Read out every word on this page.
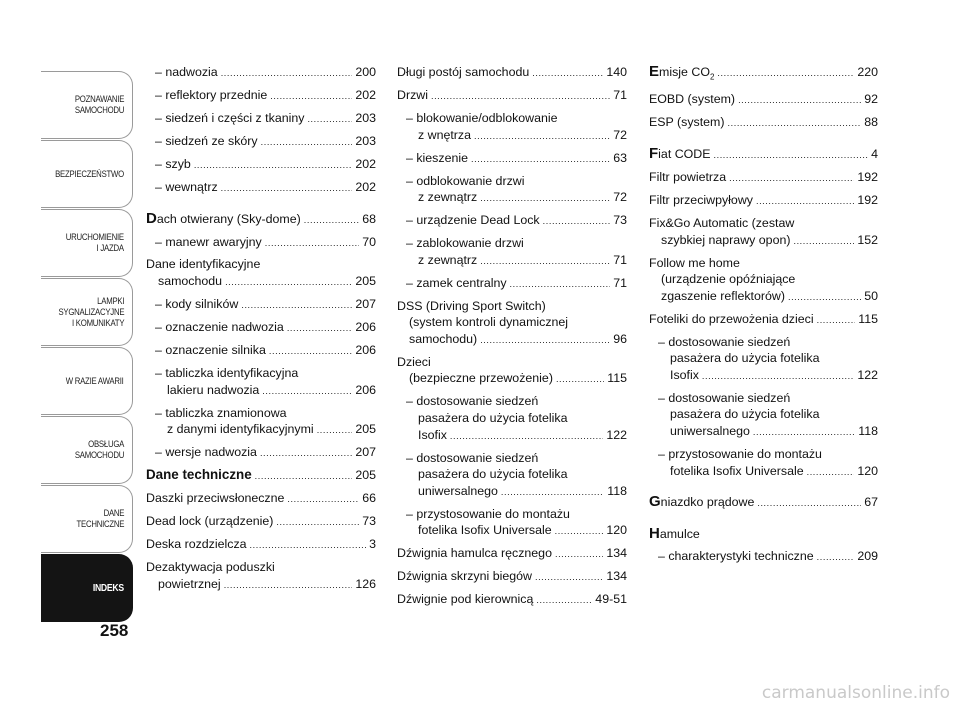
POZNAWANIE
SAMOCHODU
BEZPIECZEŃSTWO
URUCHOMIENIE
I JAZDA
LAMPKI
SYGNALIZACYJNE
I KOMUNIKATY
W RAZIE AWARII
OBSŁUGA
SAMOCHODU
DANE
TECHNICZNE
INDEKS
258
– nadwozia .....	200
– reflektory przednie .....	202
– siedzeń i części z tkaniny .....	203
– siedzeń ze skóry .....	203
– szyb .....	202
– wewnątrz .....	202
Dach otwierany (Sky-dome) .....	68
– manewr awaryjny .....	70
Dane identyfikacyjne
samochodu .....	205
– kody silników .....	207
– oznaczenie nadwozia .....	206
– oznaczenie silnika .....	206
– tabliczka identyfikacyjna
lakieru nadwozia .....	206
– tabliczka znamionowa
z danymi identyfikacyjnymi .....	205
– wersje nadwozia .....	207
Dane techniczne .....	205
Daszki przeciwsłoneczne .....	66
Dead lock (urządzenie) .....	73
Deska rozdzielcza .....	3
Dezaktywacja poduszki
powietrznej .....	126
Długi postój samochodu .....	140
Drzwi .....	71
– blokowanie/odblokowanie
z wnętrza .....	72
– kieszenie .....	63
– odblokowanie drzwi
z zewnątrz .....	72
– urządzenie Dead Lock .....	73
– zablokowanie drzwi
z zewnątrz .....	71
– zamek centralny .....	71
DSS (Driving Sport Switch)
(system kontroli dynamicznej
samochodu) .....	96
Dzieci
(bezpieczne przewożenie) .....	115
– dostosowanie siedzeń
pasażera do użycia fotelika
Isofix .....	122
– dostosowanie siedzeń
pasażera do użycia fotelika
uniwersalnego .....	118
– przystosowanie do montażu
fotelika Isofix Universale .....	120
Dźwignia hamulca ręcznego .....	134
Dźwignia skrzyni biegów .....	134
Dźwignie pod kierownicą .....	49-51
Emisje $CO_2$ .....	220
EOBD (system) .....	92
ESP (system) .....	88
Fiat CODE .....	4
Filtr powietrza .....	192
Filtr przeciwpyłowy .....	192
Fix&Go Automatic (zestaw
szybkiej naprawy opon) .....	152
Follow me home
(urządzenie opóźniające
zgaszenie reflektorów) .....	50
Foteliki do przewożenia dzieci .....	115
– dostosowanie siedzeń
pasażera do użycia fotelika
Isofix .....	122
– dostosowanie siedzeń
pasażera do użycia fotelika
uniwersalnego .....	118
– przystosowanie do montażu
fotelika Isofix Universale .....	120
Gniazdko prądowe .....	67
Hamulce
– charakterystyki techniczne .....	209
carmanualsonline.info
